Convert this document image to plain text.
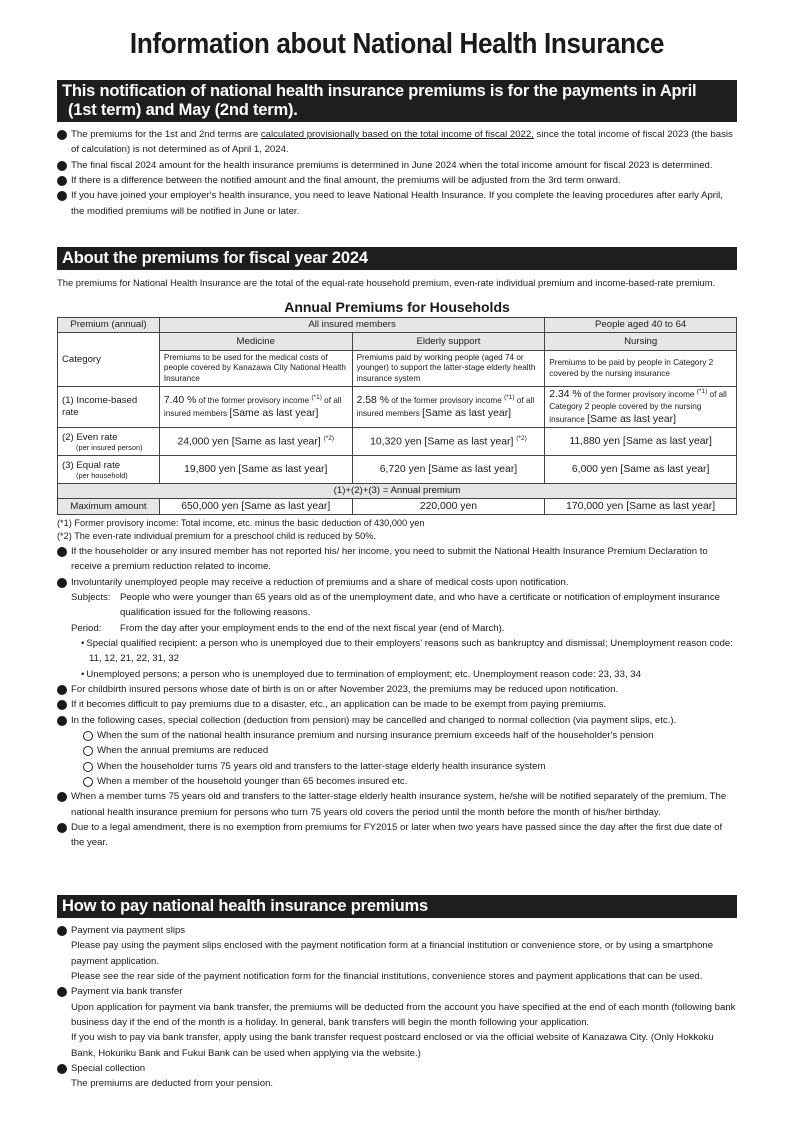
Information about National Health Insurance
This notification of national health insurance premiums is for the payments in April
(1st term) and May (2nd term).
The premiums for the 1st and 2nd terms are calculated provisionally based on the total income of fiscal 2022, since the total income of fiscal 2023 (the basis of calculation) is not determined as of April 1, 2024.
The final fiscal 2024 amount for the health insurance premiums is determined in June 2024 when the total income amount for fiscal 2023 is determined.
If there is a difference between the notified amount and the final amount, the premiums will be adjusted from the 3rd term onward.
If you have joined your employer's health insurance, you need to leave National Health Insurance. If you complete the leaving procedures after early April, the modified premiums will be notified in June or later.
About the premiums for fiscal year 2024

The premiums for National Health Insurance are the total of the equal-rate household premium, even-rate individual premium and income-based-rate premium.

Annual Premiums for Households
Premium (annual)	All insured members		People aged 40 to 64
Category	Medicine	Elderly support	Nursing
	Premiums to be used for the medical costs of people covered by Kanazawa City National Health Insurance	Premiums paid by working people (aged 74 or younger) to support the latter-stage elderly health insurance system	Premiums to be paid by people in Category 2 covered by the nursing insurance
(1) Income-based rate	7.40 % of the former provisory income $^{(*1)}$ of all insured members [Same as last year]	2.58 % of the former provisory income $^{(*1)}$ of all insured members [Same as last year]	2.34 % of the former provisory income $^{(*1)}$ of all Category 2 people covered by the nursing insurance [Same as last year]
(2) Even rate
(per insured person)	24,000 yen [Same as last year] $^{(*2)}$	10,320 yen [Same as last year] $^{(*2)}$	11,880 yen [Same as last year]
(3) Equal rate
(per household)	19,800 yen [Same as last year]	6,720 yen [Same as last year]	6,000 yen [Same as last year]
(1)+(2)+(3) = Annual premium			
Maximum amount	650,000 yen [Same as last year]	220,000 yen	170,000 yen [Same as last year]
(*1) Former provisory income: Total income, etc. minus the basic deduction of 430,000 yen
(*2) The even-rate individual premium for a preschool child is reduced by 50%.
If the householder or any insured member has not reported his/ her income, you need to submit the National Health Insurance Premium Declaration to receive a premium reduction related to income.
Involuntarily unemployed people may receive a reduction of premiums and a share of medical costs upon notification.
Subjects: People who were younger than 65 years old as of the unemployment date, and who have a certificate or notification of employment insurance qualification issued for the following reasons.
Period:	From the day after your employment ends to the end of the next fiscal year (end of March).
• Special qualified recipient: a person who is unemployed due to their employers' reasons such as bankruptcy and dismissal; Unemployment reason code: 11, 12, 21, 22, 31, 32
• Unemployed persons; a person who is unemployed due to termination of employment; etc. Unemployment reason code: 23, 33, 34
For childbirth insured persons whose date of birth is on or after November 2023, the premiums may be reduced upon notification.
If it becomes difficult to pay premiums due to a disaster, etc., an application can be made to be exempt from paying premiums.
In the following cases, special collection (deduction from pension) may be cancelled and changed to normal collection (via payment slips, etc.).
When the sum of the national health insurance premium and nursing insurance premium exceeds half of the householder's pension
When the annual premiums are reduced
When the householder turns 75 years old and transfers to the latter-stage elderly health insurance system
When a member of the household younger than 65 becomes insured etc.
When a member turns 75 years old and transfers to the latter-stage elderly health insurance system, he/she will be notified separately of the premium. The national health insurance premium for persons who turn 75 years old covers the period until the month before the month of his/her birthday.
Due to a legal amendment, there is no exemption from premiums for FY2015 or later when two years have passed since the day after the first due date of the year.
How to pay national health insurance premiums
Payment via payment slips
Please pay using the payment slips enclosed with the payment notification form at a financial institution or convenience store, or by using a smartphone payment application.
Please see the rear side of the payment notification form for the financial institutions, convenience stores and payment applications that can be used.
Payment via bank transfer
Upon application for payment via bank transfer, the premiums will be deducted from the account you have specified at the end of each month (following bank business day if the end of the month is a holiday. In general, bank transfers will begin the month following your application.
If you wish to pay via bank transfer, apply using the bank transfer request postcard enclosed or via the official website of Kanazawa City. (Only Hokkoku Bank, Hokuriku Bank and Fukui Bank can be used when applying via the website.)
Special collection
The premiums are deducted from your pension.
